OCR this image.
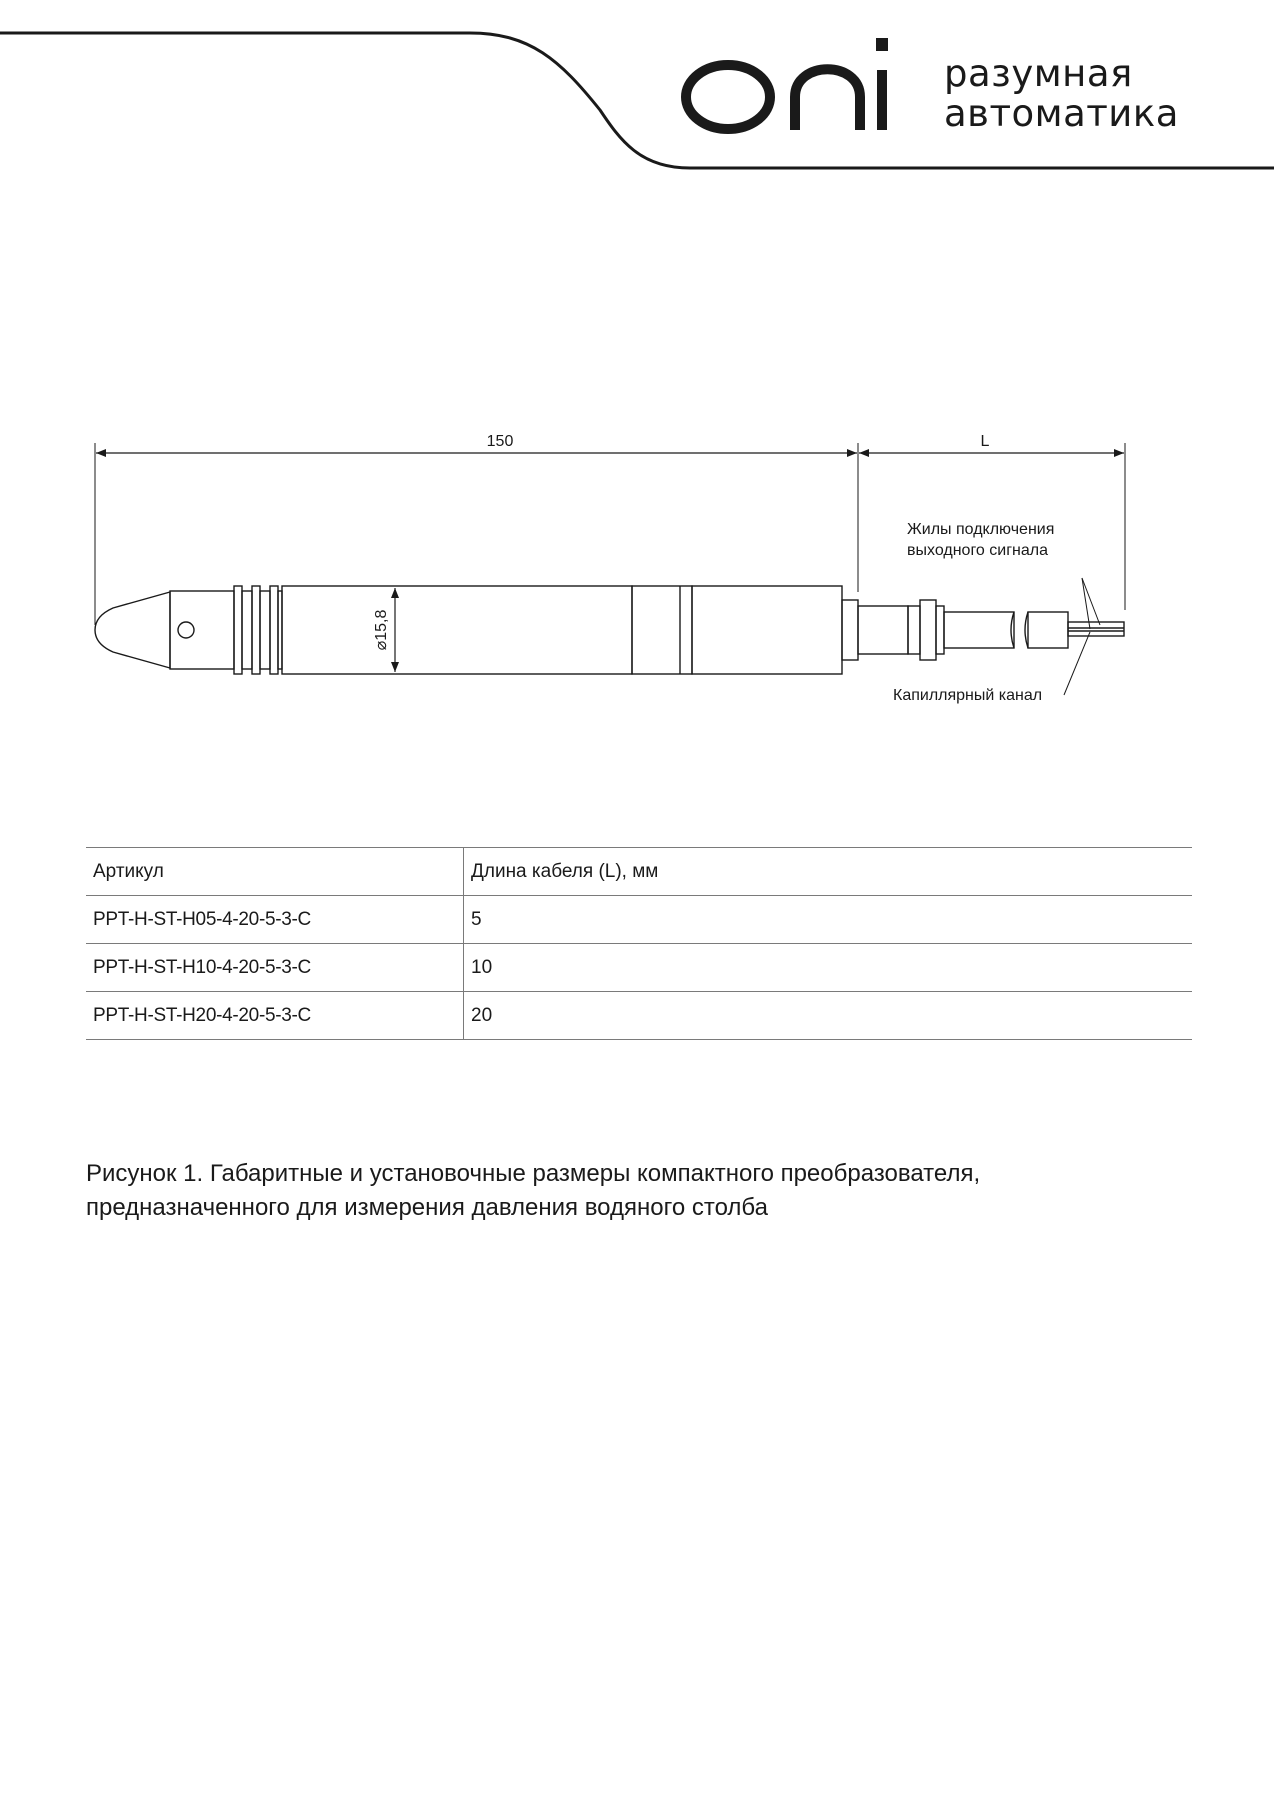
разумная
автоматика
150	L
⌀15,8
Жилы подключения
выходного сигнала
Капиллярный канал
Артикул	Длина кабеля (L), мм
PPT-H-ST-H05-4-20-5-3-C	5
PPT-H-ST-H10-4-20-5-3-C	10
PPT-H-ST-H20-4-20-5-3-C	20
Рисунок 1. Габаритные и установочные размеры компактного преобразователя,
предназначенного для измерения давления водяного столба
